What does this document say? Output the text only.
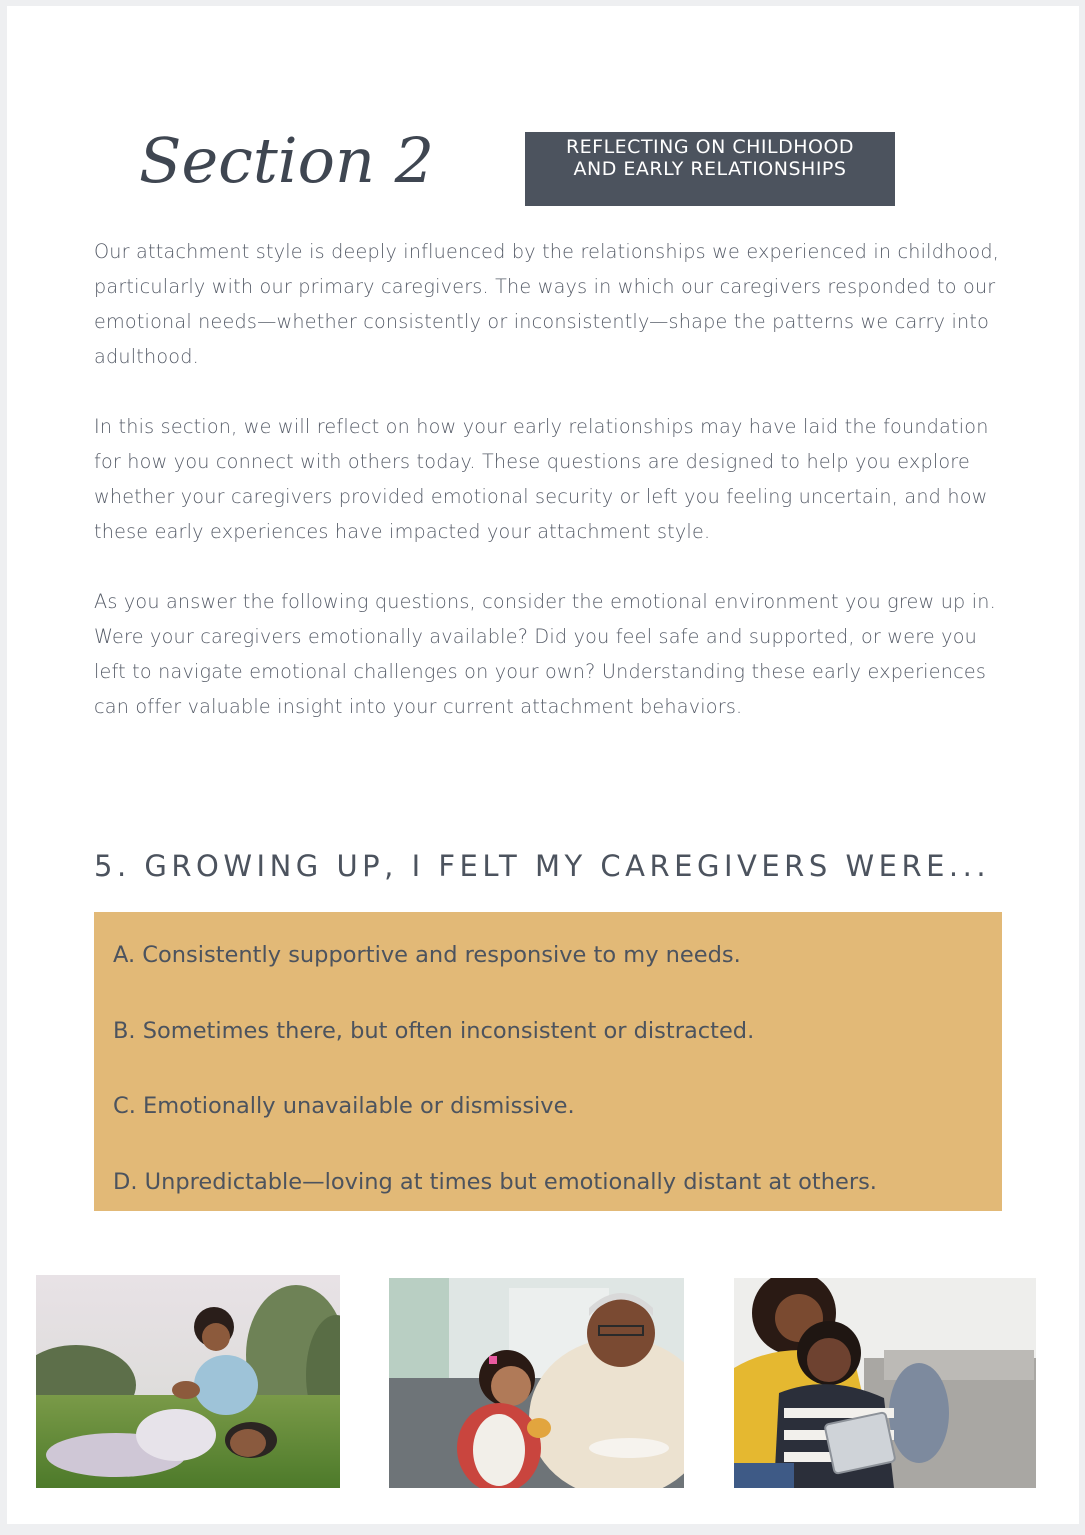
Section 2	REFLECTING ON CHILDHOOD AND EARLY RELATIONSHIPS

Our attachment style is deeply influenced by the relationships we experienced in childhood, particularly with our primary caregivers. The ways in which our caregivers responded to our emotional needs—whether consistently or inconsistently—shape the patterns we carry into adulthood.

In this section, we will reflect on how your early relationships may have laid the foundation for how you connect with others today. These questions are designed to help you explore whether your caregivers provided emotional security or left you feeling uncertain, and how these early experiences have impacted your attachment style.

As you answer the following questions, consider the emotional environment you grew up in. Were your caregivers emotionally available? Did you feel safe and supported, or were you left to navigate emotional challenges on your own? Understanding these early experiences can offer valuable insight into your current attachment behaviors.

5. GROWING UP, I FELT MY CAREGIVERS WERE...
A. Consistently supportive and responsive to my needs.
B. Sometimes there, but often inconsistent or distracted.
C. Emotionally unavailable or dismissive.
D. Unpredictable—loving at times but emotionally distant at others.
